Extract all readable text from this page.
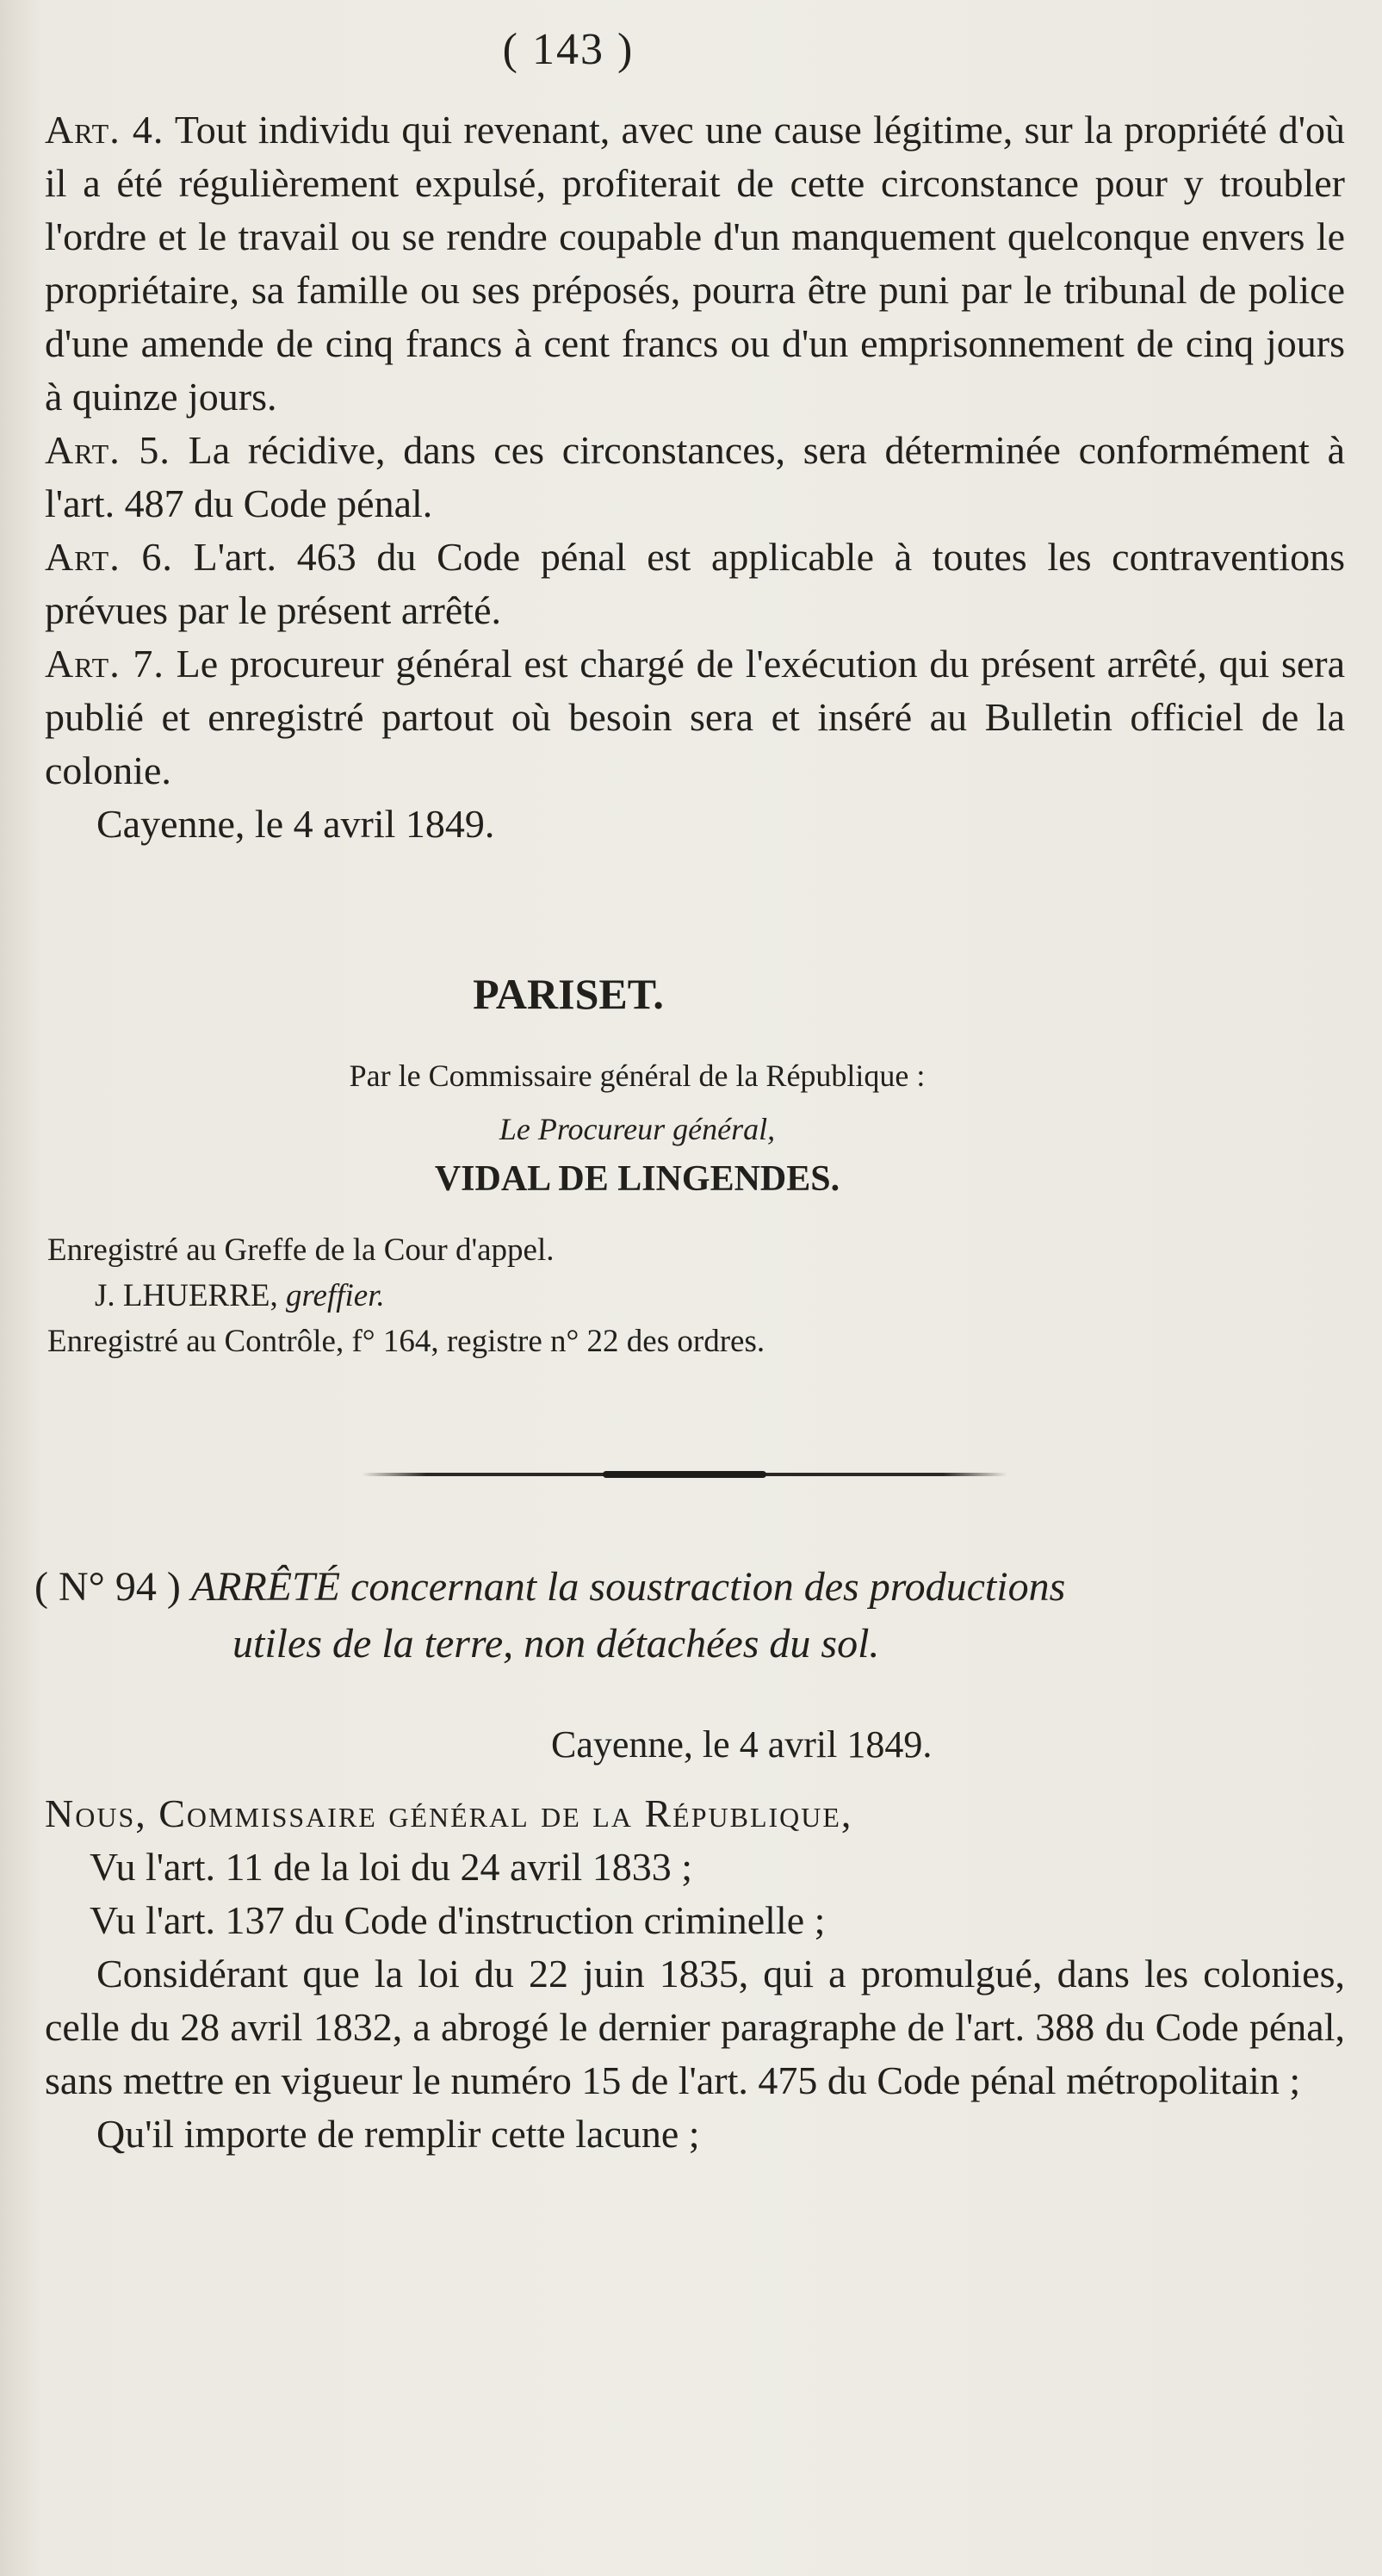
( 143 )

Art. 4. Tout individu qui revenant, avec une cause légitime, sur la propriété d'où il a été régulièrement expulsé, profiterait de cette circonstance pour y troubler l'ordre et le travail ou se rendre coupable d'un manquement quelconque envers le propriétaire, sa famille ou ses préposés, pourra être puni par le tribunal de police d'une amende de cinq francs à cent francs ou d'un emprisonnement de cinq jours à quinze jours.

Art. 5. La récidive, dans ces circonstances, sera déterminée conformément à l'art. 487 du Code pénal.

Art. 6. L'art. 463 du Code pénal est applicable à toutes les contraventions prévues par le présent arrêté.

Art. 7. Le procureur général est chargé de l'exécution du présent arrêté, qui sera publié et enregistré partout où besoin sera et inséré au Bulletin officiel de la colonie.

Cayenne, le 4 avril 1849.

PARISET.
Par le Commissaire général de la République :
Le Procureur général,
VIDAL DE LINGENDES.
Enregistré au Greffe de la Cour d'appel.
J. LHUERRE, greffier.
Enregistré au Contrôle, f° 164, registre n° 22 des ordres.
( N° 94 ) ARRÊTÉ concernant la soustraction des productions
utiles de la terre, non détachées du sol.
Cayenne, le 4 avril 1849.

Nous, Commissaire général de la République,

Vu l'art. 11 de la loi du 24 avril 1833 ;

Vu l'art. 137 du Code d'instruction criminelle ;

Considérant que la loi du 22 juin 1835, qui a promulgué, dans les colonies, celle du 28 avril 1832, a abrogé le dernier paragraphe de l'art. 388 du Code pénal, sans mettre en vigueur le numéro 15 de l'art. 475 du Code pénal métropolitain ;

Qu'il importe de remplir cette lacune ;
